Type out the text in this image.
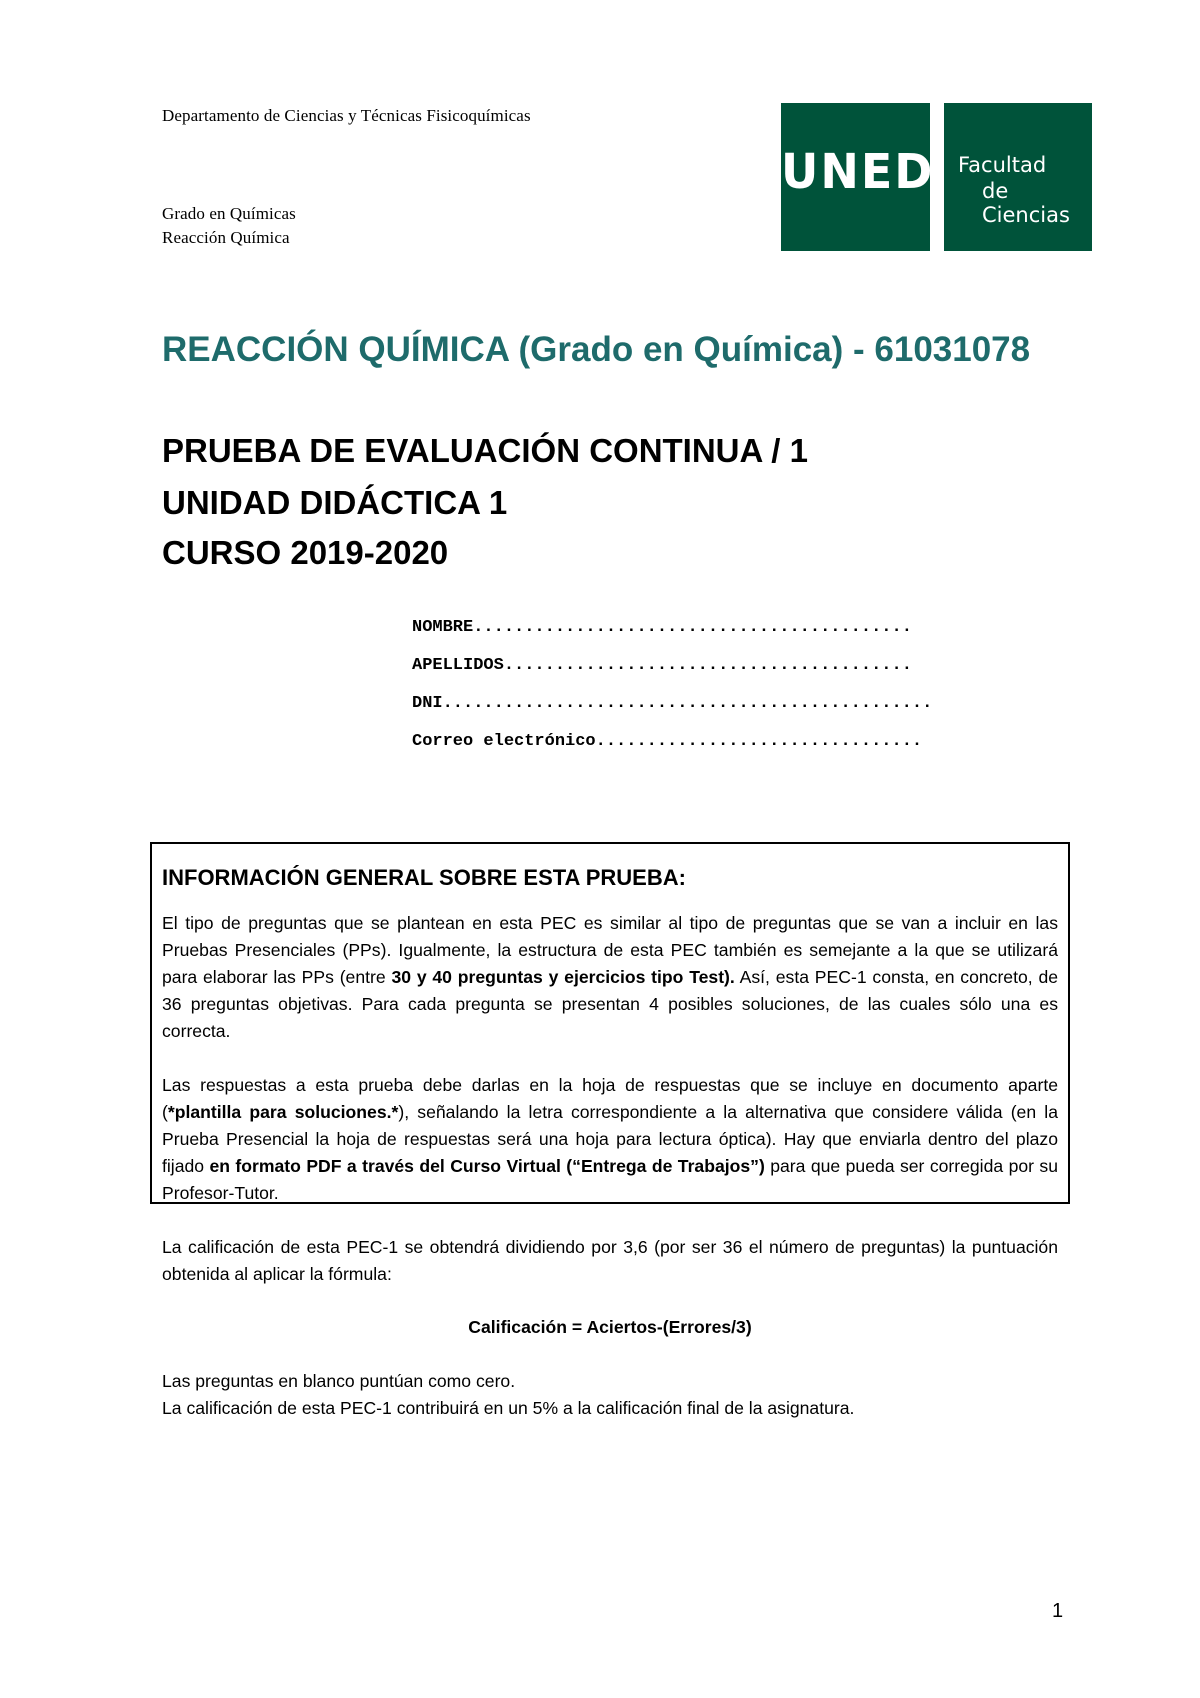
Departamento de Ciencias y Técnicas Fisicoquímicas
Grado en Químicas
Reacción Química
UNED Facultad
de Ciencias
REACCIÓN QUÍMICA (Grado en Química) - 61031078
PRUEBA DE EVALUACIÓN CONTINUA / 1
UNIDAD DIDÁCTICA 1
CURSO 2019-2020
NOMBRE...........................................
APELLIDOS........................................
DNI................................................
Correo electrónico................................
INFORMACIÓN GENERAL SOBRE ESTA PRUEBA:

El tipo de preguntas que se plantean en esta PEC es similar al tipo de preguntas que se van a incluir en las Pruebas Presenciales (PPs). Igualmente, la estructura de esta PEC también es semejante a la que se utilizará para elaborar las PPs (entre 30 y 40 preguntas y ejercicios tipo Test). Así, esta PEC-1 consta, en concreto, de 36 preguntas objetivas. Para cada pregunta se presentan 4 posibles soluciones, de las cuales sólo una es correcta.

Las respuestas a esta prueba debe darlas en la hoja de respuestas que se incluye en documento aparte (*plantilla para soluciones.*), señalando la letra correspondiente a la alternativa que considere válida (en la Prueba Presencial la hoja de respuestas será una hoja para lectura óptica). Hay que enviarla dentro del plazo fijado en formato PDF a través del Curso Virtual (“Entrega de Trabajos”) para que pueda ser corregida por su Profesor-Tutor.

La calificación de esta PEC-1 se obtendrá dividiendo por 3,6 (por ser 36 el número de preguntas) la puntuación obtenida al aplicar la fórmula:

Calificación = Aciertos-(Errores/3)

Las preguntas en blanco puntúan como cero.

La calificación de esta PEC-1 contribuirá en un 5% a la calificación final de la asignatura.

1
